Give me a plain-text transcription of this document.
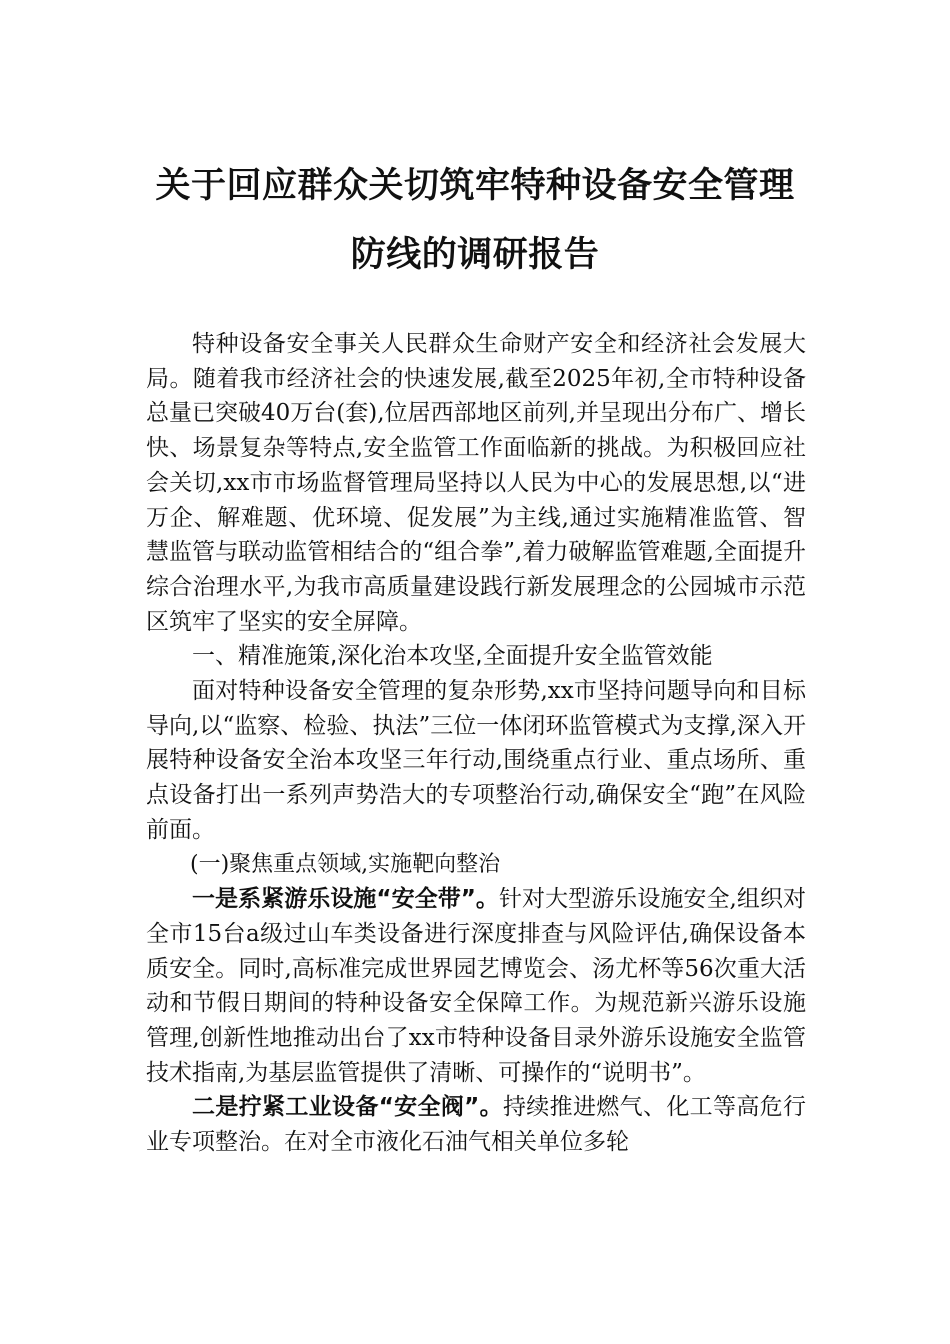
关于回应群众关切筑牢特种设备安全管理
防线的调研报告

特种设备安全事关人民群众生命财产安全和经济社会发展大局。随着我市经济社会的快速发展,截至2025年初,全市特种设备总量已突破40万台(套),位居西部地区前列,并呈现出分布广、增长快、场景复杂等特点,安全监管工作面临新的挑战。为积极回应社会关切,xx市市场监督管理局坚持以人民为中心的发展思想,以“进万企、解难题、优环境、促发展”为主线,通过实施精准监管、智慧监管与联动监管相结合的“组合拳”,着力破解监管难题,全面提升综合治理水平,为我市高质量建设践行新发展理念的公园城市示范区筑牢了坚实的安全屏障。

一、精准施策,深化治本攻坚,全面提升安全监管效能

面对特种设备安全管理的复杂形势,xx市坚持问题导向和目标导向,以“监察、检验、执法”三位一体闭环监管模式为支撑,深入开展特种设备安全治本攻坚三年行动,围绕重点行业、重点场所、重点设备打出一系列声势浩大的专项整治行动,确保安全“跑”在风险前面。

(一)聚焦重点领域,实施靶向整治

一是系紧游乐设施“安全带”。针对大型游乐设施安全,组织对全市15台a级过山车类设备进行深度排查与风险评估,确保设备本质安全。同时,高标准完成世界园艺博览会、汤尤杯等56次重大活动和节假日期间的特种设备安全保障工作。为规范新兴游乐设施管理,创新性地推动出台了xx市特种设备目录外游乐设施安全监管技术指南,为基层监管提供了清晰、可操作的“说明书”。

二是拧紧工业设备“安全阀”。持续推进燃气、化工等高危行业专项整治。在对全市液化石油气相关单位多轮
